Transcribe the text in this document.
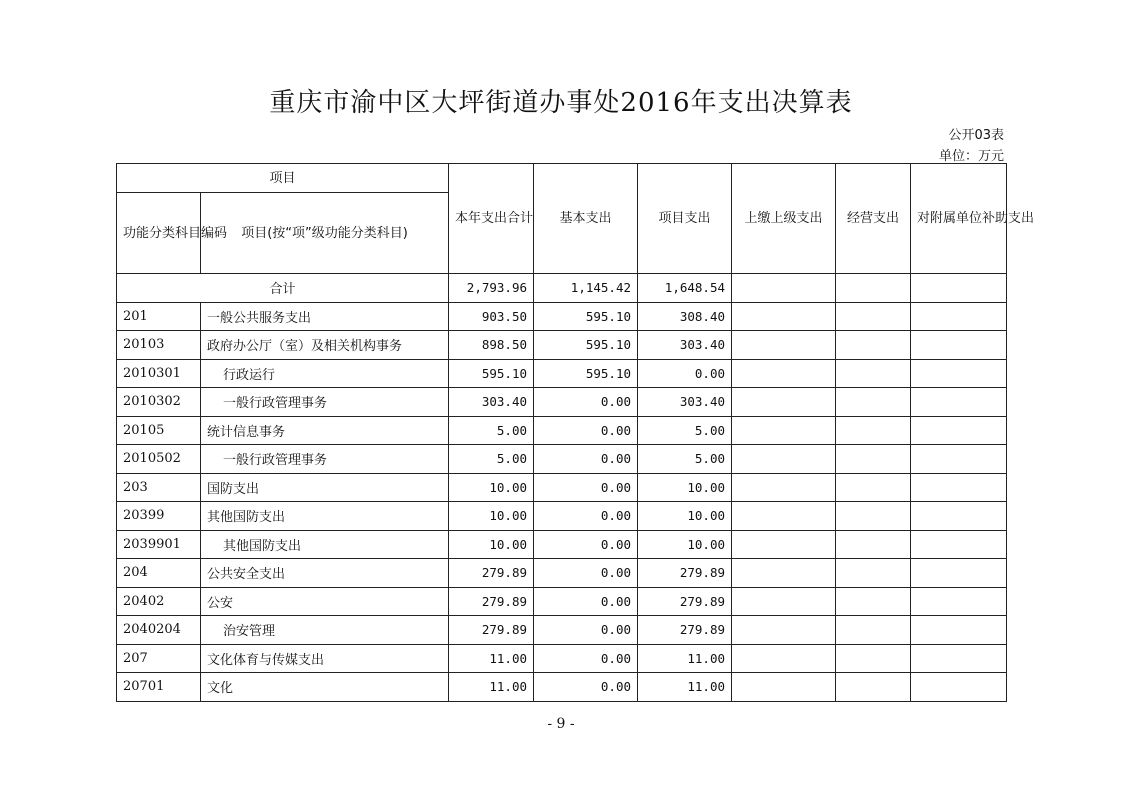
重庆市渝中区大坪街道办事处2016年支出决算表
公开03表
单位：万元
项目		本年支出合计	基本支出	项目支出	上缴上级支出	经营支出	对附属单位补助支出
功能分类科目编码	项目(按“项”级功能分类科目)						
合计		2,793.96	1,145.42	1,648.54			
201	一般公共服务支出	903.50	595.10	308.40			
20103	政府办公厅（室）及相关机构事务	898.50	595.10	303.40			
2010301	行政运行	595.10	595.10	0.00			
2010302	一般行政管理事务	303.40	0.00	303.40			
20105	统计信息事务	5.00	0.00	5.00			
2010502	一般行政管理事务	5.00	0.00	5.00			
203	国防支出	10.00	0.00	10.00			
20399	其他国防支出	10.00	0.00	10.00			
2039901	其他国防支出	10.00	0.00	10.00			
204	公共安全支出	279.89	0.00	279.89			
20402	公安	279.89	0.00	279.89			
2040204	治安管理	279.89	0.00	279.89			
207	文化体育与传媒支出	11.00	0.00	11.00			
20701	文化	11.00	0.00	11.00			
- 9 -
